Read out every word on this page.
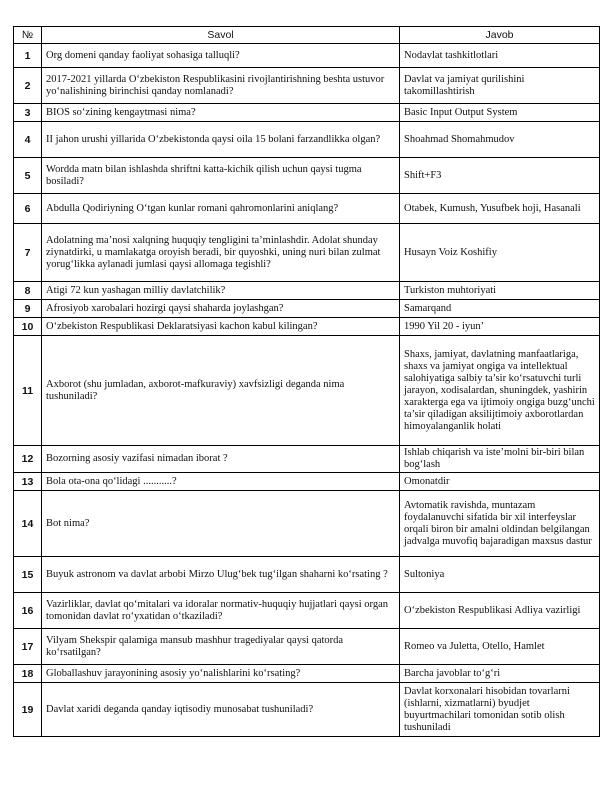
№	Savol	Javob
1	Org domeni qanday faoliyat sohasiga talluqli?	Nodavlat tashkitlotlari
2	2017-2021 yillarda O‘zbekiston Respublikasini rivojlantirishning beshta ustuvor yo‘nalishining birinchisi qanday nomlanadi?	Davlat va jamiyat qurilishini takomillashtirish
3	BIOS so‘zining kengaytmasi nima?	Basic Input Output System
4	II jahon urushi yillarida O‘zbekistonda qaysi oila 15 bolani farzandlikka olgan?	Shoahmad Shomahmudov
5	Wordda matn bilan ishlashda shriftni katta-kichik qilish uchun qaysi tugma bosiladi?	Shift+F3
6	Abdulla Qodiriyning O‘tgan kunlar romani qahromonlarini aniqlang?	Otabek, Kumush, Yusufbek hoji, Hasanali
7	Adolatning ma’nosi xalqning huquqiy tengligini ta’minlashdir. Adolat shunday ziynatdirki, u mamlakatga oroyish beradi, bir quyoshki, uning nuri bilan zulmat yorug‘likka aylanadi jumlasi qaysi allomaga tegishli?	Husayn Voiz Koshifiy
8	Atigi 72 kun yashagan milliy davlatchilik?	Turkiston muhtoriyati
9	Afrosiyob xarobalari hozirgi qaysi shaharda joylashgan?	Samarqand
10	O‘zbekiston Respublikasi Deklaratsiyasi kachon kabul kilingan?	1990 Yil 20 - iyun’
11	Axborot (shu jumladan, axborot-mafkuraviy) xavfsizligi deganda nima tushuniladi?	Shaxs, jamiyat, davlatning manfaatlariga, shaxs va jamiyat ongiga va intellektual salohiyatiga salbiy ta’sir ko‘rsatuvchi turli jarayon, xodisalardan, shuningdek, yashirin xarakterga ega va ijtimoiy ongiga buzg‘unchi ta’sir qiladigan aksilijtimoiy axborotlardan himoyalanganlik holati
12	Bozorning asosiy vazifasi nimadan iborat ?	Ishlab chiqarish va iste’molni bir-biri bilan bog‘lash
13	Bola ota-ona qo‘lidagi ...........?	Omonatdir
14	Bot nima?	Avtomatik ravishda, muntazam foydalanuvchi sifatida bir xil interfeyslar orqali biron bir amalni oldindan belgilangan jadvalga muvofiq bajaradigan maxsus dastur
15	Buyuk astronom va davlat arbobi Mirzo Ulug‘bek tug‘ilgan shaharni ko‘rsating ?	Sultoniya
16	Vazirliklar, davlat qo‘mitalari va idoralar normativ-huquqiy hujjatlari qaysi organ tomonidan davlat ro‘yxatidan o‘tkaziladi?	O‘zbekiston Respublikasi Adliya vazirligi
17	Vilyam Shekspir qalamiga mansub mashhur tragediyalar qaysi qatorda ko‘rsatilgan?	Romeo va Juletta, Otello, Hamlet
18	Globallashuv jarayonining asosiy yo‘nalishlarini ko‘rsating?	Barcha javoblar to‘g‘ri
19	Davlat xaridi deganda qanday iqtisodiy munosabat tushuniladi?	Davlat korxonalari hisobidan tovarlarni (ishlarni, xizmatlarni) byudjet buyurtmachilari tomonidan sotib olish tushuniladi
